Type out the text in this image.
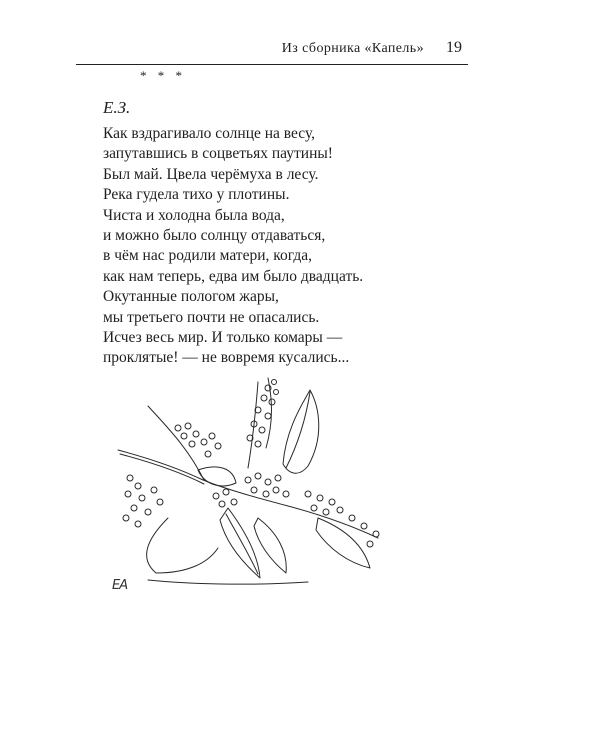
Из сборника «Капель» 19
* * *
Е.З.
Как вздрагивало солнце на весу,
запутавшись в соцветьях паутины!
Был май. Цвела черёмуха в лесу.
Река гудела тихо у плотины.
Чиста и холодна была вода,
и можно было солнцу отдаваться,
в чём нас родили матери, когда,
как нам теперь, едва им было двадцать.
Окутанные пологом жары,
мы третьего почти не опасались.
Исчез весь мир. И только комары —
проклятые! — не вовремя кусались...
ЕА
